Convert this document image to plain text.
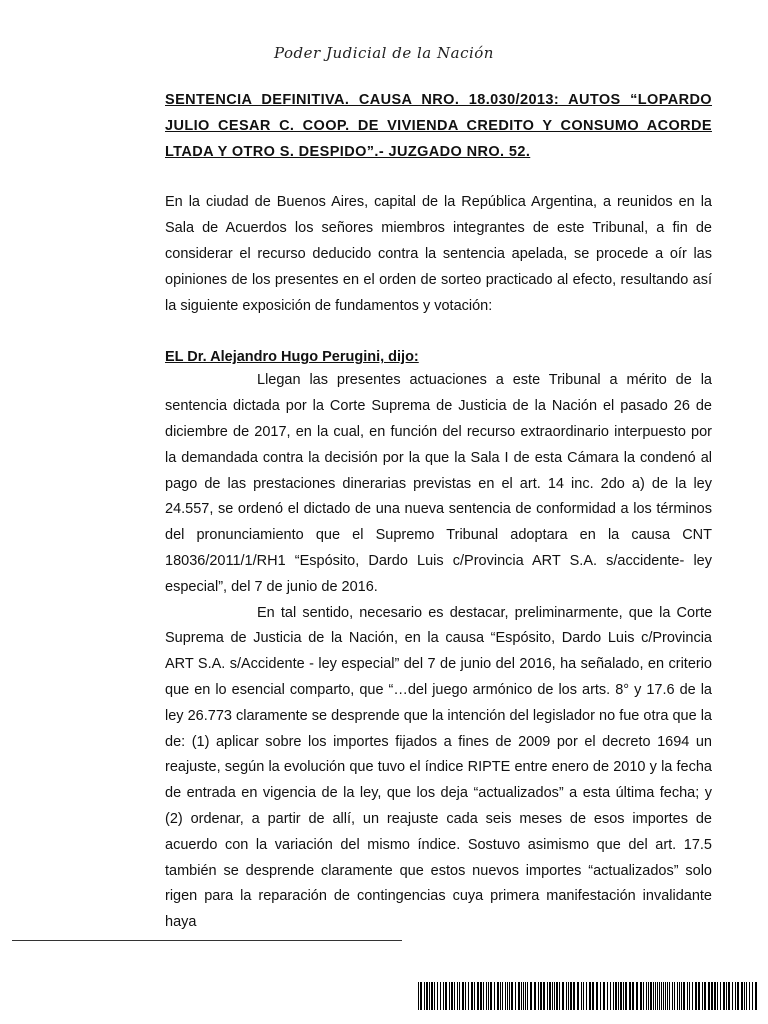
Poder Judicial de la Nación

SENTENCIA DEFINITIVA. CAUSA NRO. 18.030/2013: AUTOS “LOPARDO JULIO CESAR C. COOP. DE VIVIENDA CREDITO Y CONSUMO ACORDE LTADA Y OTRO S. DESPIDO”.- JUZGADO NRO. 52.

En la ciudad de Buenos Aires, capital de la República Argentina, a reunidos en la Sala de Acuerdos los señores miembros integrantes de este Tribunal, a fin de considerar el recurso deducido contra la sentencia apelada, se procede a oír las opiniones de los presentes en el orden de sorteo practicado al efecto, resultando así la siguiente exposición de fundamentos y votación:

EL Dr. Alejandro Hugo Perugini, dijo:

Llegan las presentes actuaciones a este Tribunal a mérito de la sentencia dictada por la Corte Suprema de Justicia de la Nación el pasado 26 de diciembre de 2017, en la cual, en función del recurso extraordinario interpuesto por la demandada contra la decisión por la que la Sala I de esta Cámara la condenó al pago de las prestaciones dinerarias previstas en el art. 14 inc. 2do a) de la ley 24.557, se ordenó el dictado de una nueva sentencia de conformidad a los términos del pronunciamiento que el Supremo Tribunal adoptara en la causa CNT 18036/2011/1/RH1 “Espósito, Dardo Luis c/Provincia ART S.A. s/accidente- ley especial”, del 7 de junio de 2016.

En tal sentido, necesario es destacar, preliminarmente, que la Corte Suprema de Justicia de la Nación, en la causa “Espósito, Dardo Luis c/Provincia ART S.A. s/Accidente - ley especial” del 7 de junio del 2016, ha señalado, en criterio que en lo esencial comparto, que “…del juego armónico de los arts. 8° y 17.6 de la ley 26.773 claramente se desprende que la intención del legislador no fue otra que la de: (1) aplicar sobre los importes fijados a fines de 2009 por el decreto 1694 un reajuste, según la evolución que tuvo el índice RIPTE entre enero de 2010 y la fecha de entrada en vigencia de la ley, que los deja “actualizados” a esta última fecha; y (2) ordenar, a partir de allí, un reajuste cada seis meses de esos importes de acuerdo con la variación del mismo índice. Sostuvo asimismo que del art. 17.5 también se desprende claramente que estos nuevos importes “actualizados” solo rigen para la reparación de contingencias cuya primera manifestación invalidante haya
